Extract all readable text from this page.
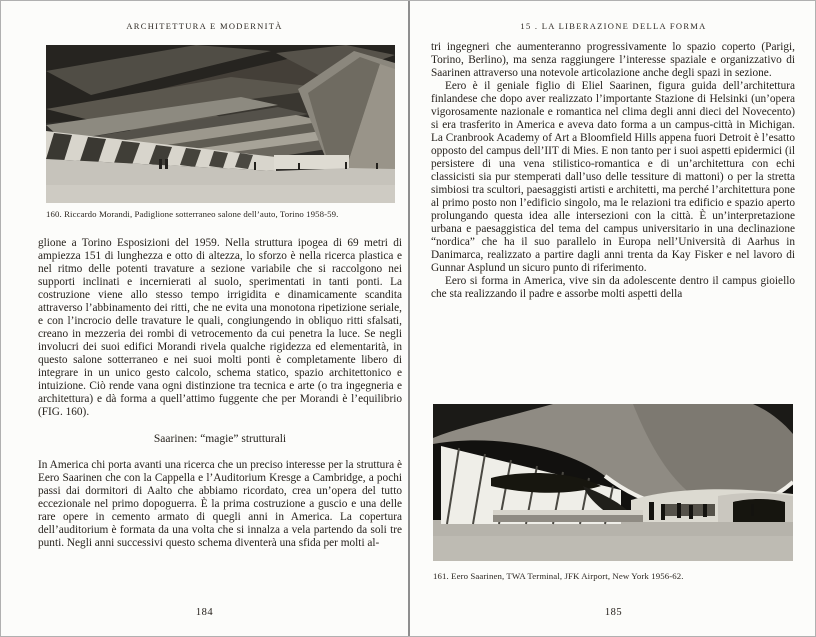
ARCHITETTURA E MODERNITÀ
160. Riccardo Morandi, Padiglione sotterraneo salone dell’auto, Torino 1958-59.

glione a Torino Esposizioni del 1959. Nella struttura ipogea di 69 metri di ampiezza 151 di lunghezza e otto di altezza, lo sforzo è nella ricerca plastica e nel ritmo delle potenti travature a sezione variabile che si raccolgono nei supporti inclinati e incernierati al suolo, sperimentati in tanti ponti. La costruzione viene allo stesso tempo irrigidita e dinamicamente scandita attraverso l’abbinamento dei ritti, che ne evita una monotona ripetizione seriale, e con l’incrocio delle travature le quali, congiungendo in obliquo ritti sfalsati, creano in mezzeria dei rombi di vetrocemento da cui penetra la luce. Se negli involucri dei suoi edifici Morandi rivela qualche rigidezza ed elementarità, in questo salone sotterraneo e nei suoi molti ponti è completamente libero di integrare in un unico gesto calcolo, schema statico, spazio architettonico e intuizione. Ciò rende vana ogni distinzione tra tecnica e arte (o tra ingegneria e architettura) e dà forma a quell’attimo fuggente che per Morandi è l’equilibrio (FIG. 160).

Saarinen: “magie” strutturali

In America chi porta avanti una ricerca che un preciso interesse per la struttura è Eero Saarinen che con la Cappella e l’Auditorium Kresge a Cambridge, a pochi passi dai dormitori di Aalto che abbiamo ricordato, crea un’opera del tutto eccezionale nel primo dopoguerra. È la prima costruzione a guscio e una delle rare opere in cemento armato di quegli anni in America. La copertura dell’auditorium è formata da una volta che si innalza a vela partendo da soli tre punti. Negli anni successivi questo schema diventerà una sfida per molti al-

184
15 . LA LIBERAZIONE DELLA FORMA

tri ingegneri che aumenteranno progressivamente lo spazio coperto (Parigi, Torino, Berlino), ma senza raggiungere l’interesse spaziale e organizzativo di Saarinen attraverso una notevole articolazione anche degli spazi in sezione.

Eero è il geniale figlio di Eliel Saarinen, figura guida dell’architettura finlandese che dopo aver realizzato l’importante Stazione di Helsinki (un’opera vigorosamente nazionale e romantica nel clima degli anni dieci del Novecento) si era trasferito in America e aveva dato forma a un campus-città in Michigan. La Cranbrook Academy of Art a Bloomfield Hills appena fuori Detroit è l’esatto opposto del campus dell’IIT di Mies. E non tanto per i suoi aspetti epidermici (il persistere di una vena stilistico-romantica e di un’architettura con echi classicisti sia pur stemperati dall’uso delle tessiture di mattoni) o per la stretta simbiosi tra scultori, paesaggisti artisti e architetti, ma perché l’architettura pone al primo posto non l’edificio singolo, ma le relazioni tra edificio e spazio aperto prolungando questa idea alle intersezioni con la città. È un’interpretazione urbana e paesaggistica del tema del campus universitario in una declinazione “nordica” che ha il suo parallelo in Europa nell’Università di Aarhus in Danimarca, realizzato a partire dagli anni trenta da Kay Fisker e nel lavoro di Gunnar Asplund un sicuro punto di riferimento.

Eero si forma in America, vive sin da adolescente dentro il campus gioiello che sta realizzando il padre e assorbe molti aspetti della

161. Eero Saarinen, TWA Terminal, JFK Airport, New York 1956-62.
185
